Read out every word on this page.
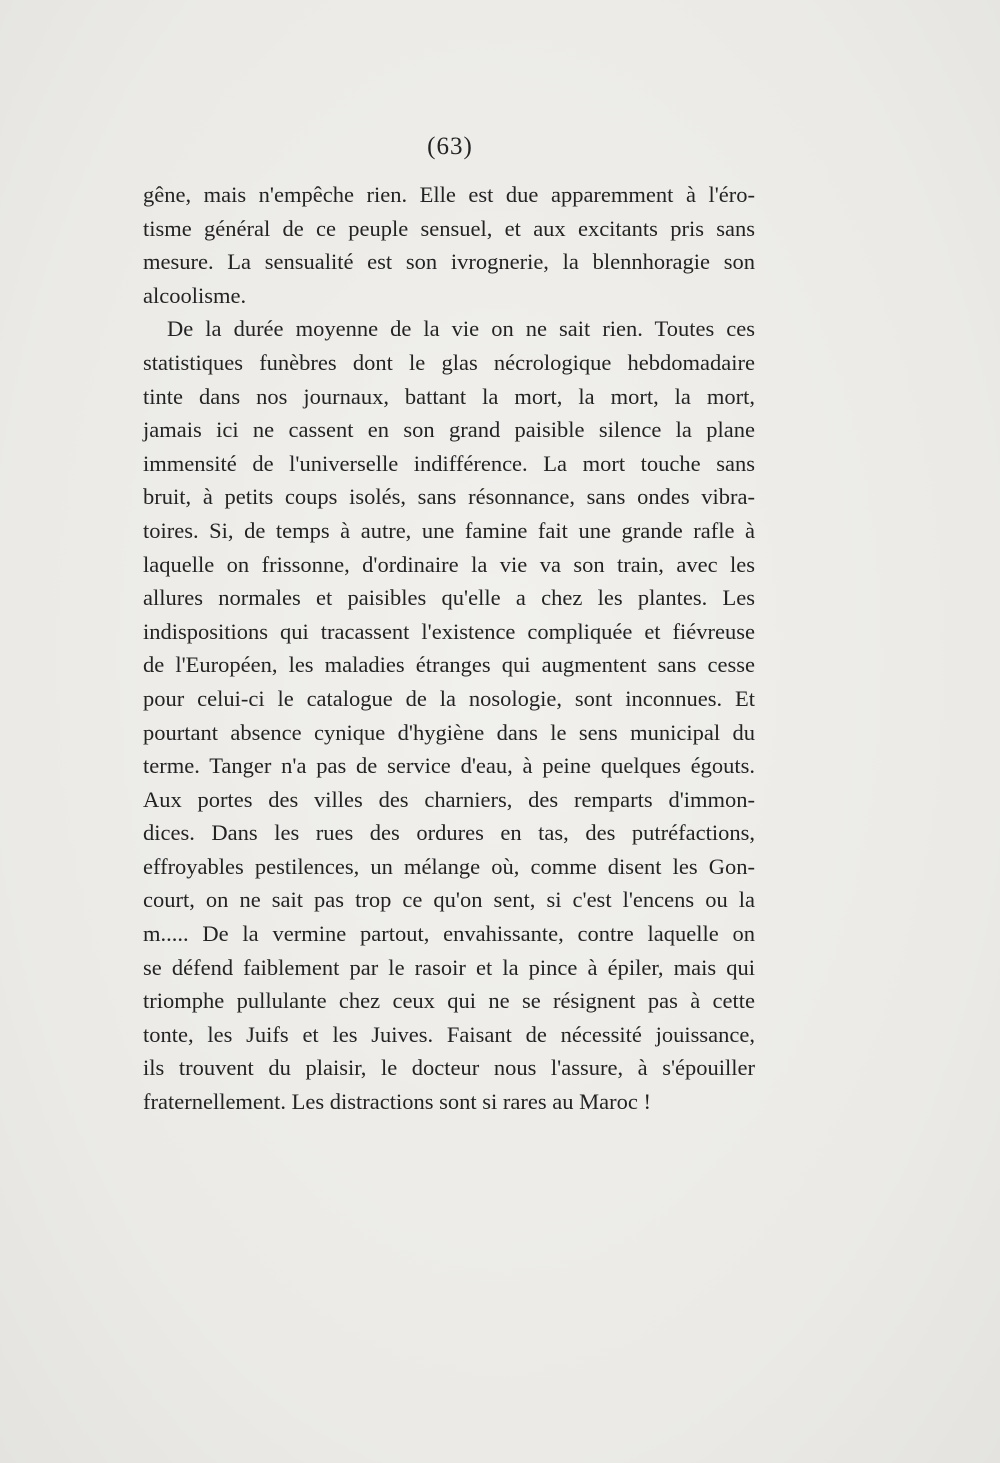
(63)
gêne, mais n'empêche rien. Elle est due apparemment à l'éro-
tisme général de ce peuple sensuel, et aux excitants pris sans
mesure. La sensualité est son ivrognerie, la blennhoragie son
alcoolisme.
De la durée moyenne de la vie on ne sait rien. Toutes ces
statistiques funèbres dont le glas nécrologique hebdomadaire
tinte dans nos journaux, battant la mort, la mort, la mort,
jamais ici ne cassent en son grand paisible silence la plane
immensité de l'universelle indifférence. La mort touche sans
bruit, à petits coups isolés, sans résonnance, sans ondes vibra-
toires. Si, de temps à autre, une famine fait une grande rafle à
laquelle on frissonne, d'ordinaire la vie va son train, avec les
allures normales et paisibles qu'elle a chez les plantes. Les
indispositions qui tracassent l'existence compliquée et fiévreuse
de l'Européen, les maladies étranges qui augmentent sans cesse
pour celui-ci le catalogue de la nosologie, sont inconnues. Et
pourtant absence cynique d'hygiène dans le sens municipal du
terme. Tanger n'a pas de service d'eau, à peine quelques égouts.
Aux portes des villes des charniers, des remparts d'immon-
dices. Dans les rues des ordures en tas, des putréfactions,
effroyables pestilences, un mélange où, comme disent les Gon-
court, on ne sait pas trop ce qu'on sent, si c'est l'encens ou la
m..... De la vermine partout, envahissante, contre laquelle on
se défend faiblement par le rasoir et la pince à épiler, mais qui
triomphe pullulante chez ceux qui ne se résignent pas à cette
tonte, les Juifs et les Juives. Faisant de nécessité jouissance,
ils trouvent du plaisir, le docteur nous l'assure, à s'épouiller
fraternellement. Les distractions sont si rares au Maroc !
